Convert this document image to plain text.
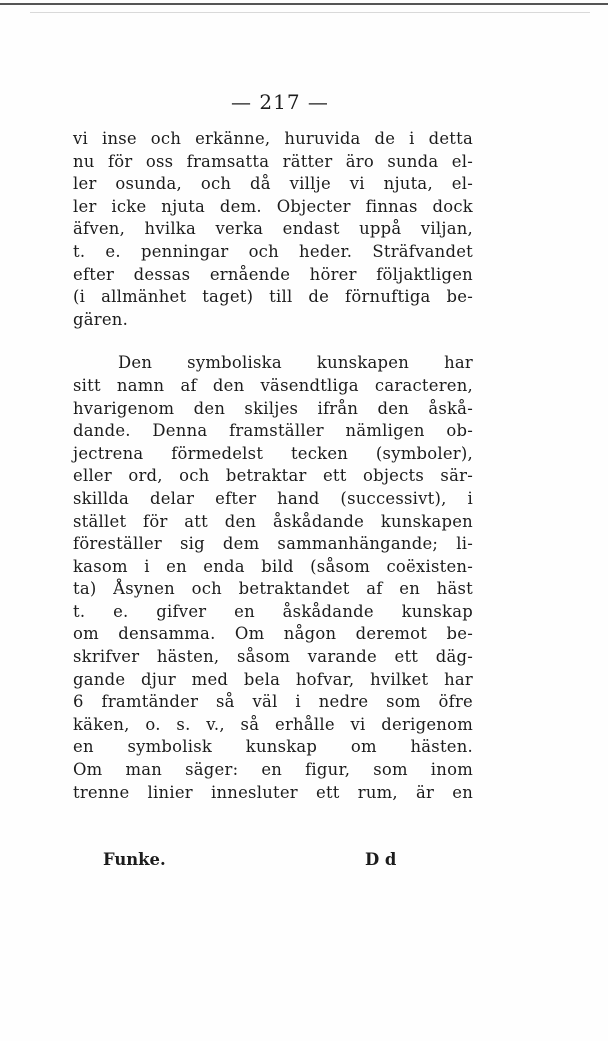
— 217 —
vi inse och erkänne, huruvida de i detta
nu för oss framsatta rätter äro sunda el-
ler osunda, och då villje vi njuta, el-
ler icke njuta dem. Objecter finnas dock
äfven, hvilka verka endast uppå viljan,
t. e. penningar och heder. Sträfvandet
efter dessas ernående hörer följaktligen
(i allmänhet taget) till de förnuftiga be-
gären.
Den symboliska kunskapen har
sitt namn af den väsendtliga caracteren,
hvarigenom den skiljes ifrån den åskå-
dande. Denna framställer nämligen ob-
jectrena förmedelst tecken (symboler),
eller ord, och betraktar ett objects sär-
skillda delar efter hand (successivt), i
stället för att den åskådande kunskapen
föreställer sig dem sammanhängande; li-
kasom i en enda bild (såsom coëxisten-
ta) Åsynen och betraktandet af en häst
t. e. gifver en åskådande kunskap
om densamma. Om någon deremot be-
skrifver hästen, såsom varande ett däg-
gande djur med bela hofvar, hvilket har
6 framtänder så väl i nedre som öfre
käken, o. s. v., så erhålle vi derigenom
en symbolisk kunskap om hästen.
Om man säger: en figur, som inom
trenne linier innesluter ett rum, är en

Funke.

	D d
